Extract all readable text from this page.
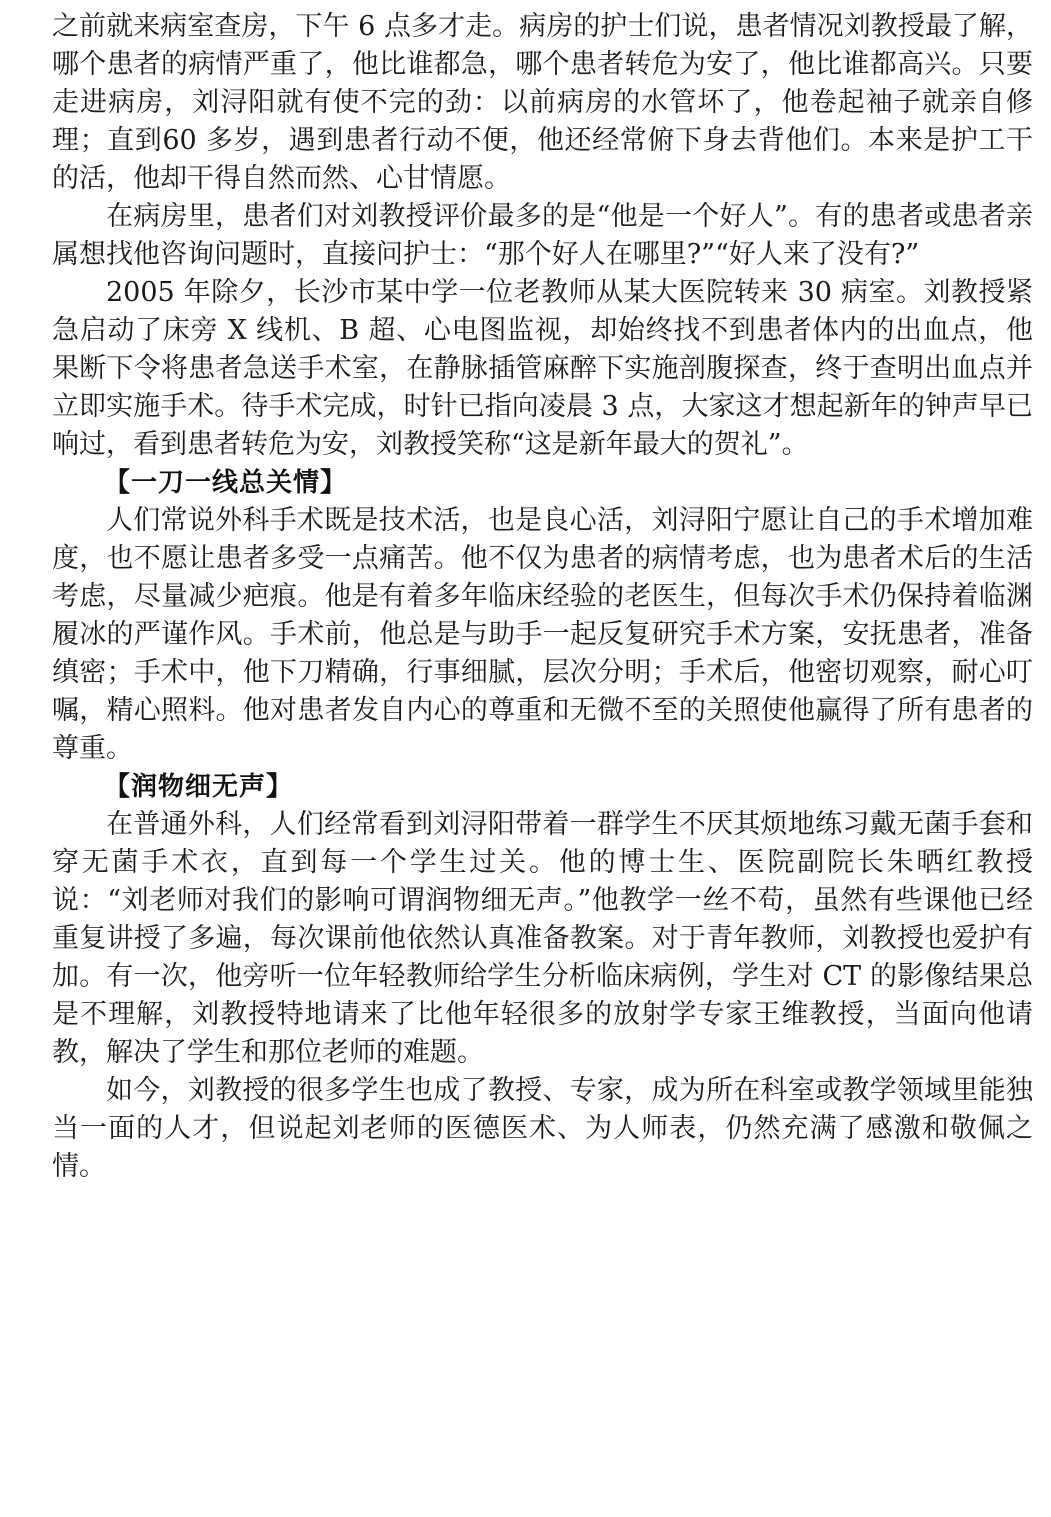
之前就来病室查房，下午 6 点多才走。病房的护士们说，患者情况刘教授最了解，哪个患者的病情严重了，他比谁都急，哪个患者转危为安了，他比谁都高兴。只要走进病房，刘浔阳就有使不完的劲：以前病房的水管坏了，他卷起袖子就亲自修理；直到60 多岁，遇到患者行动不便，他还经常俯下身去背他们。本来是护工干的活，他却干得自然而然、心甘情愿。

在病房里，患者们对刘教授评价最多的是“他是一个好人”。有的患者或患者亲属想找他咨询问题时，直接问护士：“那个好人在哪里?”“好人来了没有?”

2005 年除夕，长沙市某中学一位老教师从某大医院转来 30 病室。刘教授紧急启动了床旁 X 线机、B 超、心电图监视，却始终找不到患者体内的出血点，他果断下令将患者急送手术室，在静脉插管麻醉下实施剖腹探查，终于查明出血点并立即实施手术。待手术完成，时针已指向凌晨 3 点，大家这才想起新年的钟声早已响过，看到患者转危为安，刘教授笑称“这是新年最大的贺礼”。

【一刀一线总关情】

人们常说外科手术既是技术活，也是良心活，刘浔阳宁愿让自己的手术增加难度，也不愿让患者多受一点痛苦。他不仅为患者的病情考虑，也为患者术后的生活考虑，尽量减少疤痕。他是有着多年临床经验的老医生，但每次手术仍保持着临渊履冰的严谨作风。手术前，他总是与助手一起反复研究手术方案，安抚患者，准备缜密；手术中，他下刀精确，行事细腻，层次分明；手术后，他密切观察，耐心叮嘱，精心照料。他对患者发自内心的尊重和无微不至的关照使他赢得了所有患者的尊重。

【润物细无声】

在普通外科，人们经常看到刘浔阳带着一群学生不厌其烦地练习戴无菌手套和穿无菌手术衣，直到每一个学生过关。他的博士生、医院副院长朱晒红教授说：“刘老师对我们的影响可谓润物细无声。”他教学一丝不苟，虽然有些课他已经重复讲授了多遍，每次课前他依然认真准备教案。对于青年教师，刘教授也爱护有加。有一次，他旁听一位年轻教师给学生分析临床病例，学生对 CT 的影像结果总是不理解，刘教授特地请来了比他年轻很多的放射学专家王维教授，当面向他请教，解决了学生和那位老师的难题。

如今，刘教授的很多学生也成了教授、专家，成为所在科室或教学领域里能独当一面的人才，但说起刘老师的医德医术、为人师表，仍然充满了感激和敬佩之情。
